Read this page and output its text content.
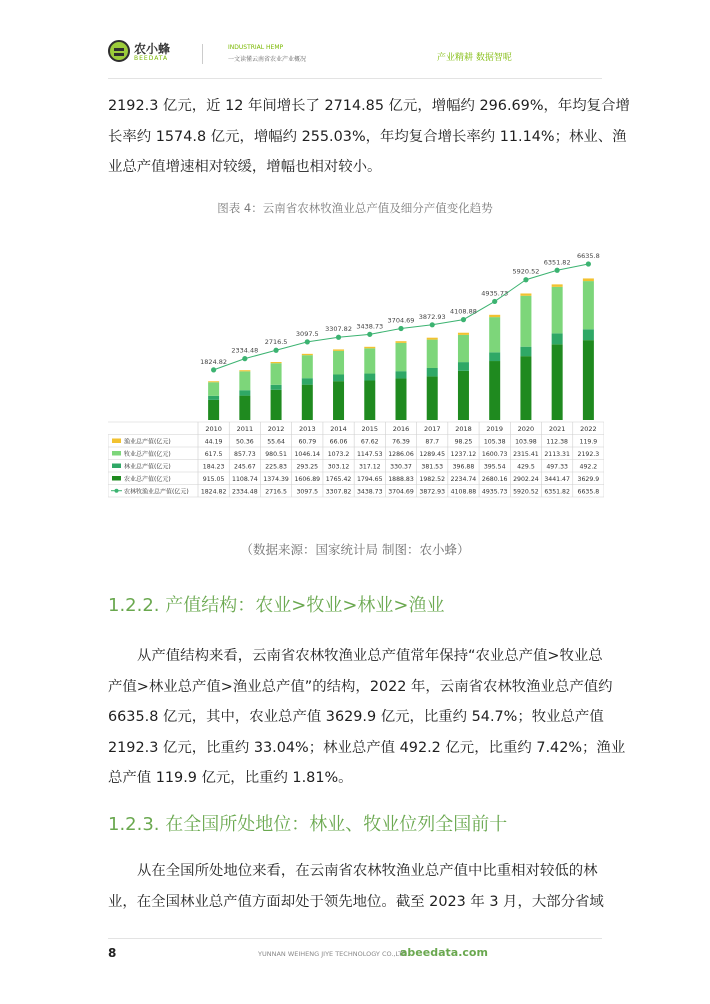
农小蜂
BEEDATA
INDUSTRIAL HEMP
一文读懂云南省农业产业概况	产业精耕 数据智呢

2192.3 亿元，近 12 年间增长了 2714.85 亿元，增幅约 296.69%，年均复合增
长率约 1574.8 亿元，增幅约 255.03%，年均复合增长率约 11.14%；林业、渔
业总产值增速相对较缓，增幅也相对较小。

图表 4：云南省农林牧渔业总产值及细分产值变化趋势
1824.82
2334.48
2716.5
3097.5
3307.82 3438.73
3704.69 3872.93
4108.88
4935.73
5920.52
6351.82
6635.8
2010 2011 2012 2013 2014 2015 2016 2017 2018 2019 2020 2021 2022
渔业总产值(亿元)	44.19 50.36 55.64 60.79 66.06 67.62 76.39 87.7 98.25 105.38 103.98 112.38 119.9
牧业总产值(亿元)	617.5 857.73 980.51 1046.14 1073.2 1147.53 1286.06 1289.45 1237.12 1600.73 2315.41 2113.31 2192.3
林业总产值(亿元)	184.23 245.67 225.83 293.25 303.12 317.12 330.37 381.53 396.88 395.54 429.5 497.33 492.2
农业总产值(亿元)	915.05 1108.74 1374.39 1606.89 1765.42 1794.65 1888.83 1982.52 2234.74 2680.16 2902.24 3441.47 3629.9
农林牧渔业总产值(亿元) 1824.82 2334.48 2716.5 3097.5 3307.82 3438.73 3704.69 3872.93 4108.88 4935.73 5920.52 6351.82 6635.8
（数据来源：国家统计局 制图：农小蜂）
1.2.2. 产值结构：农业>牧业>林业>渔业

从产值结构来看，云南省农林牧渔业总产值常年保持“农业总产值>牧业总
产值>林业总产值>渔业总产值”的结构，2022 年，云南省农林牧渔业总产值约
6635.8 亿元，其中，农业总产值 3629.9 亿元，比重约 54.7%；牧业总产值
2192.3 亿元，比重约 33.04%；林业总产值 492.2 亿元，比重约 7.42%；渔业
总产值 119.9 亿元，比重约 1.81%。

1.2.3. 在全国所处地位：林业、牧业位列全国前十

从在全国所处地位来看，在云南省农林牧渔业总产值中比重相对较低的林
业，在全国林业总产值方面却处于领先地位。截至 2023 年 3 月，大部分省域

8	YUNNAN WEIHENG JIYE TECHNOLOGY CO.,LTD.
abeedata.com
